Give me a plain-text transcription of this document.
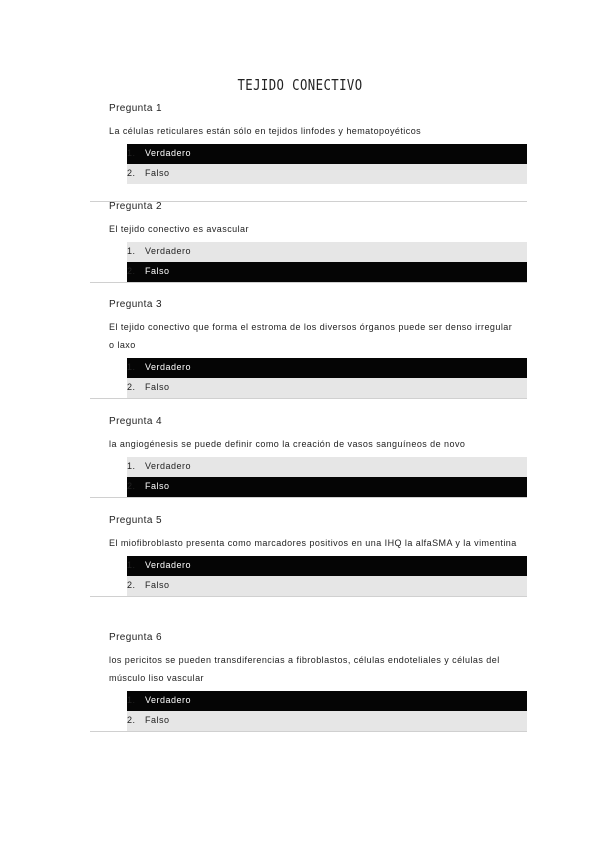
TEJIDO CONECTIVO
Pregunta 1
La células reticulares están sólo en tejidos linfodes y hematopoyéticos
1.	Verdadero
2.	Falso
Pregunta 2
El tejido conectivo es avascular
1.	Verdadero
2.	Falso
Pregunta 3
El tejido conectivo que forma el estroma de los diversos órganos puede ser denso irregular o laxo
1.	Verdadero
2.	Falso
Pregunta 4
la angiogénesis se puede definir como la creación de vasos sanguíneos de novo
1.	Verdadero
2.	Falso
Pregunta 5
El miofibroblasto presenta como marcadores positivos en una IHQ la alfaSMA y la vimentina
1.	Verdadero
2.	Falso
Pregunta 6
los pericitos se pueden transdiferencias a fibroblastos, células endoteliales y células del músculo liso vascular
1.	Verdadero
2.	Falso
